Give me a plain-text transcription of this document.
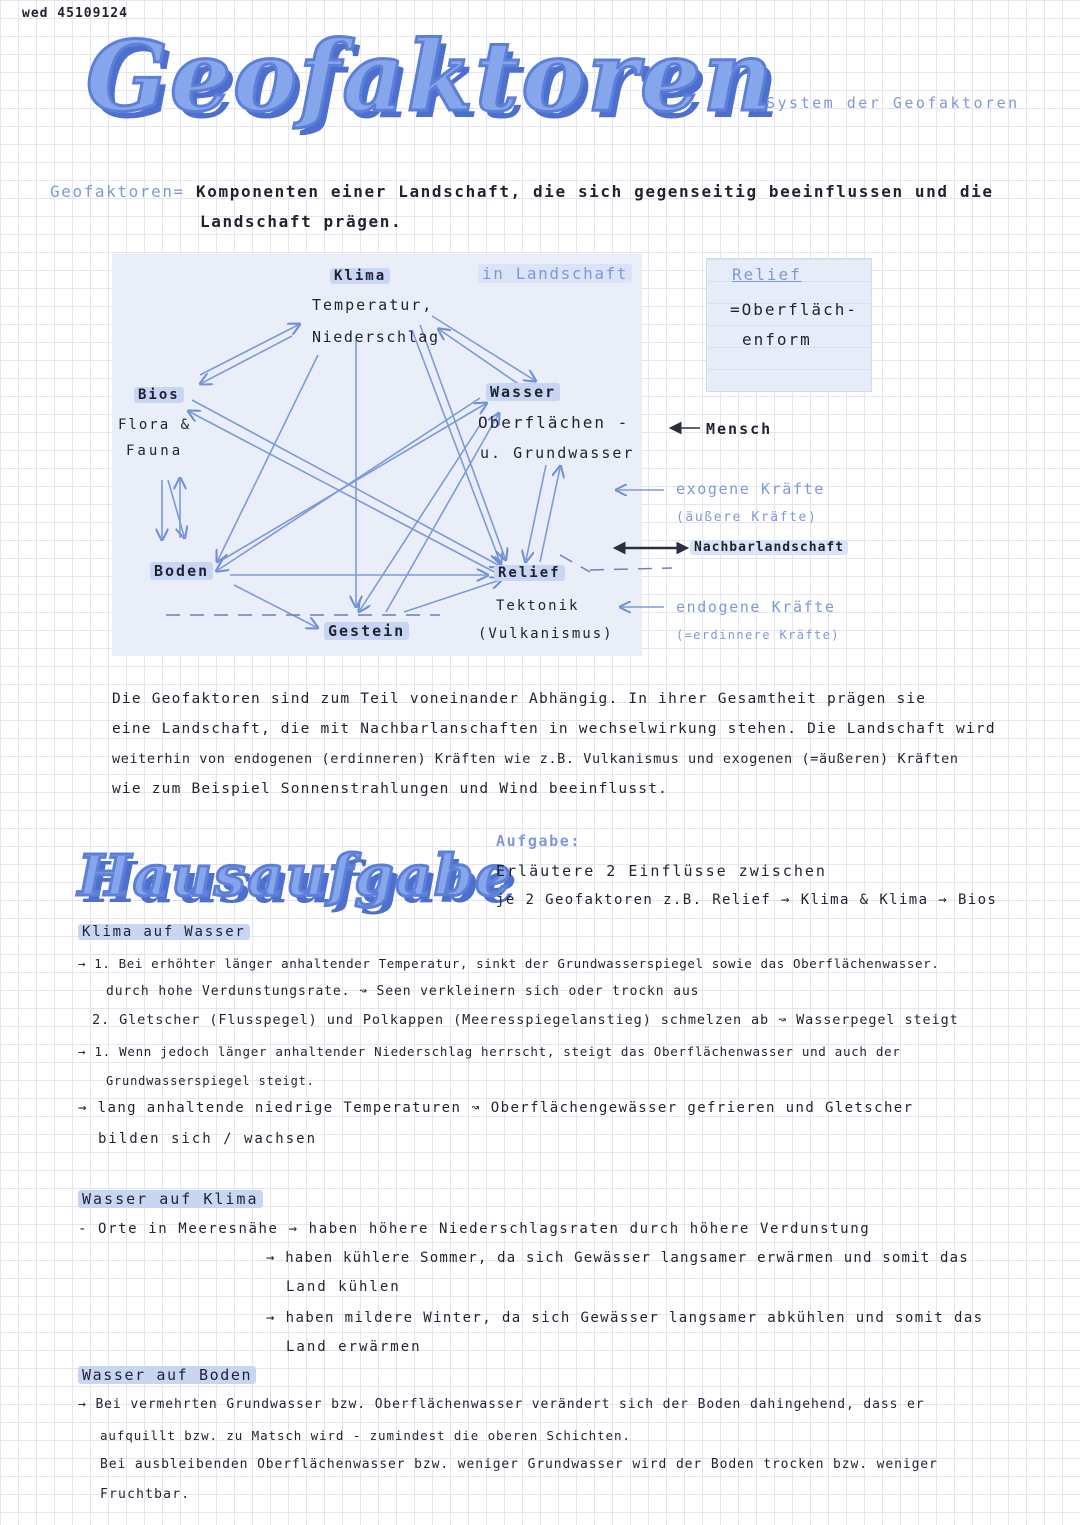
wed 45109124
Geofaktoren
System der Geofaktoren
Geofaktoren= Komponenten einer Landschaft, die sich gegenseitig beeinflussen und die
Landschaft prägen.
Klima
Temperatur,
Niederschlag
in Landschaft
Bios
Flora &
Fauna
Wasser
Oberflächen -
u. Grundwasser
Boden	Relief
Tektonik
(Vulkanismus)
Gestein
Mensch
exogene Kräfte
(äußere Kräfte)
Nachbarlandschaft
endogene Kräfte
(=erdinnere Kräfte)
Relief
=Oberfläch-
enform
Die Geofaktoren sind zum Teil voneinander Abhängig. In ihrer Gesamtheit prägen sie
eine Landschaft, die mit Nachbarlanschaften in wechselwirkung stehen. Die Landschaft wird
weiterhin von endogenen (erdinneren) Kräften wie z.B. Vulkanismus und exogenen (=äußeren) Kräften
wie zum Beispiel Sonnenstrahlungen und Wind beeinflusst.
Hausaufgabe
Aufgabe:
Erläutere 2 Einflüsse zwischen
je 2 Geofaktoren z.B. Relief → Klima & Klima → Bios
Klima auf Wasser
→ 1. Bei erhöhter länger anhaltender Temperatur, sinkt der Grundwasserspiegel sowie das Oberflächenwasser.
durch hohe Verdunstungsrate. ↝ Seen verkleinern sich oder trockn aus
2. Gletscher (Flusspegel) und Polkappen (Meeresspiegelanstieg) schmelzen ab ↝ Wasserpegel steigt
→ 1. Wenn jedoch länger anhaltender Niederschlag herrscht, steigt das Oberflächenwasser und auch der
Grundwasserspiegel steigt.
→ lang anhaltende niedrige Temperaturen ↝ Oberflächengewässer gefrieren und Gletscher
bilden sich / wachsen
Wasser auf Klima
- Orte in Meeresnähe → haben höhere Niederschlagsraten durch höhere Verdunstung
→ haben kühlere Sommer, da sich Gewässer langsamer erwärmen und somit das
Land kühlen
→ haben mildere Winter, da sich Gewässer langsamer abkühlen und somit das
Land erwärmen
Wasser auf Boden
→ Bei vermehrten Grundwasser bzw. Oberflächenwasser verändert sich der Boden dahingehend, dass er
aufquillt bzw. zu Matsch wird - zumindest die oberen Schichten.
Bei ausbleibenden Oberflächenwasser bzw. weniger Grundwasser wird der Boden trocken bzw. weniger
Fruchtbar.
